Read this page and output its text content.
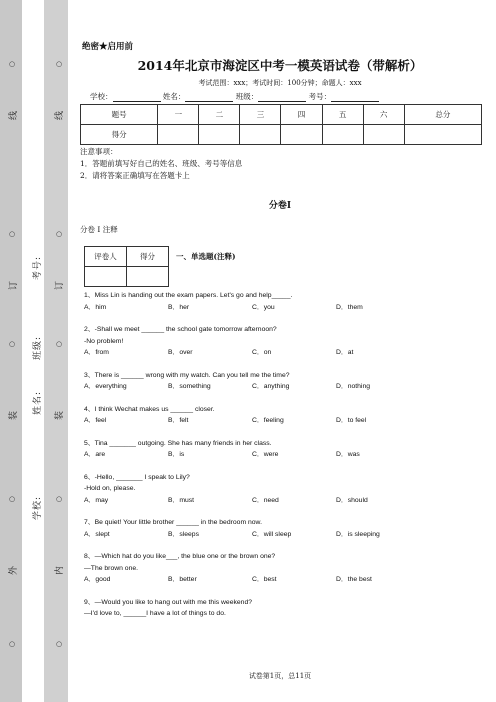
线
订
装
外
考号:
班级:
姓名:
学校:
线
订
装
内
○
○
○
○
○
○
○
○
○
○
绝密★启用前
2014年北京市海淀区中考一模英语试卷（带解析）
考试范围：xxx；考试时间：100分钟；命题人：xxx
学校：	姓名：	班级：	考号：
题号	一	二	三	四	五	六	总分
得分							
注意事项：
1．答题前填写好自己的姓名、班级、考号等信息
2．请将答案正确填写在答题卡上
分卷I
分卷 I 注释
评卷人	得分
		一、单选题(注释)
1、Miss Lin is handing out the exam papers. Let's go and help_____.
A．him	B．her	C．you	D．them
2、-Shall we meet ______ the school gate tomorrow afternoon?
-No problem!
A．from	B．over	C．on	D．at
3、There is ______ wrong with my watch. Can you tell me the time?
A．everything	B．something	C．anything	D．nothing
4、I think Wechat makes us ______ closer.
A．feel	B．felt	C．feeling	D．to feel
5、Tina _______ outgoing. She has many friends in her class.
A．are	B．is	C．were	D．was
6、-Hello, _______ I speak to Lily?
-Hold on, please.
A．may	B．must	C．need	D．should
7、Be quiet! Your little brother ______ in the bedroom now.
A．slept	B．sleeps	C．will sleep	D．is sleeping
8、—Which hat do you like___, the blue one or the brown one?
—The brown one.
A．good	B．better	C．best	D．the best
9、—Would you like to hang out with me this weekend?
—I'd love to, ______I have a lot of things to do.
试卷第1页，总11页
